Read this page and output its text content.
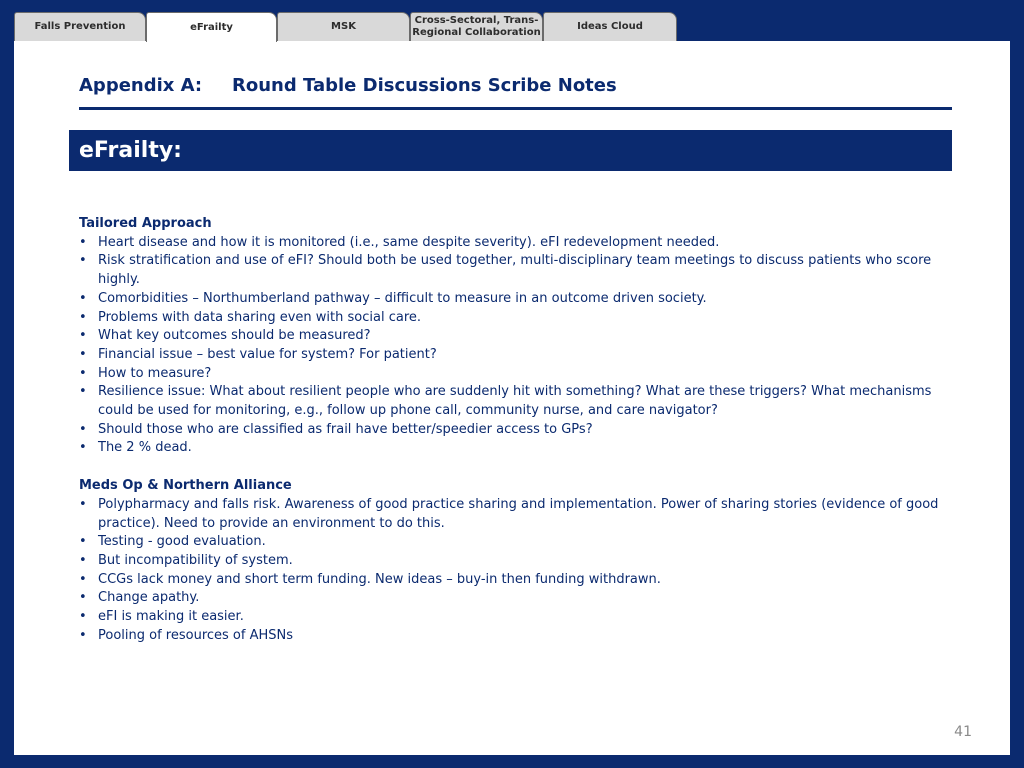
Falls Prevention	eFrailty	MSK
Cross-Sectoral, Trans-
Regional Collaboration
Ideas Cloud
Appendix A: Round Table Discussions Scribe Notes
eFrailty:

Tailored Approach

• Heart disease and how it is monitored (i.e., same despite severity). eFI redevelopment needed.
• Risk stratification and use of eFI? Should both be used together, multi-disciplinary team meetings to discuss patients who score highly.
• Comorbidities – Northumberland pathway – difficult to measure in an outcome driven society.
• Problems with data sharing even with social care.
• What key outcomes should be measured?
• Financial issue – best value for system? For patient?
• How to measure?
• Resilience issue: What about resilient people who are suddenly hit with something? What are these triggers? What mechanisms could be used for monitoring, e.g., follow up phone call, community nurse, and care navigator?
• Should those who are classified as frail have better/speedier access to GPs?
• The 2 % dead.

Meds Op & Northern Alliance

• Polypharmacy and falls risk. Awareness of good practice sharing and implementation. Power of sharing stories (evidence of good practice). Need to provide an environment to do this.
• Testing - good evaluation.
• But incompatibility of system.
• CCGs lack money and short term funding. New ideas – buy-in then funding withdrawn.
• Change apathy.
• eFI is making it easier.
• Pooling of resources of AHSNs
41
